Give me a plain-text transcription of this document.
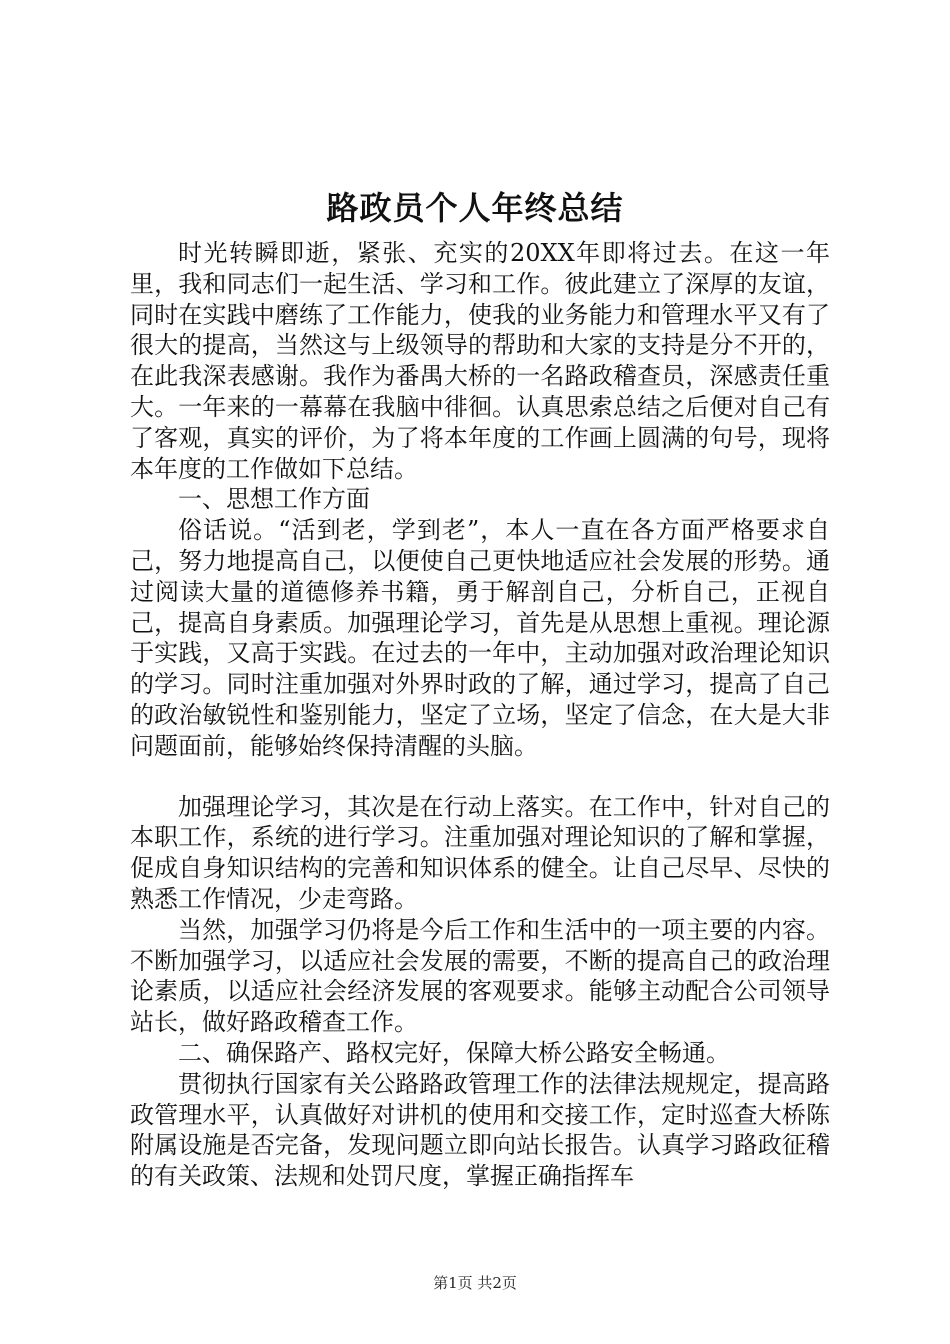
路政员个人年终总结

时光转瞬即逝，紧张、充实的20XX年即将过去。在这一年里，我和同志们一起生活、学习和工作。彼此建立了深厚的友谊，同时在实践中磨练了工作能力，使我的业务能力和管理水平又有了很大的提高，当然这与上级领导的帮助和大家的支持是分不开的，在此我深表感谢。我作为番禺大桥的一名路政稽查员，深感责任重大。一年来的一幕幕在我脑中徘徊。认真思索总结之后便对自己有了客观，真实的评价，为了将本年度的工作画上圆满的句号，现将本年度的工作做如下总结。

一、思想工作方面

俗话说。“活到老，学到老”，本人一直在各方面严格要求自己，努力地提高自己，以便使自己更快地适应社会发展的形势。通过阅读大量的道德修养书籍，勇于解剖自己，分析自己，正视自己，提高自身素质。加强理论学习，首先是从思想上重视。理论源于实践，又高于实践。在过去的一年中，主动加强对政治理论知识的学习。同时注重加强对外界时政的了解，通过学习，提高了自己的政治敏锐性和鉴别能力，坚定了立场，坚定了信念，在大是大非问题面前，能够始终保持清醒的头脑。

加强理论学习，其次是在行动上落实。在工作中，针对自己的本职工作，系统的进行学习。注重加强对理论知识的了解和掌握，促成自身知识结构的完善和知识体系的健全。让自己尽早、尽快的熟悉工作情况，少走弯路。

当然，加强学习仍将是今后工作和生活中的一项主要的内容。不断加强学习，以适应社会发展的需要，不断的提高自己的政治理论素质，以适应社会经济发展的客观要求。能够主动配合公司领导站长，做好路政稽查工作。

二、确保路产、路权完好，保障大桥公路安全畅通。

贯彻执行国家有关公路路政管理工作的法律法规规定，提高路政管理水平，认真做好对讲机的使用和交接工作，定时巡查大桥陈附属设施是否完备，发现问题立即向站长报告。认真学习路政征稽的有关政策、法规和处罚尺度，掌握正确指挥车

第1页 共2页
